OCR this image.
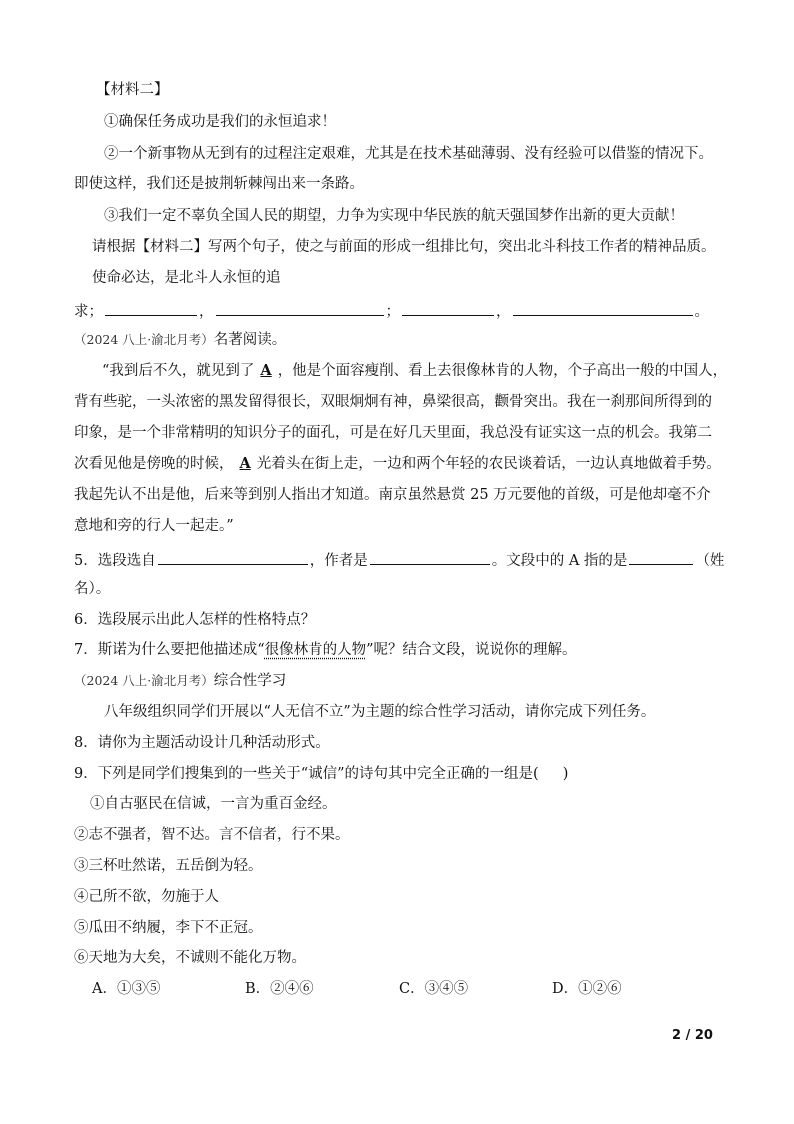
【材料二】
①确保任务成功是我们的永恒追求！
②一个新事物从无到有的过程注定艰难，尤其是在技术基础薄弱、没有经验可以借鉴的情况下。
即使这样，我们还是披荆斩棘闯出来一条路。
③我们一定不辜负全国人民的期望，力争为实现中华民族的航天强国梦作出新的更大贡献！
请根据【材料二】写两个句子，使之与前面的形成一组排比句，突出北斗科技工作者的精神品质。
使命必达，是北斗人永恒的追
求；	，	；	，	。
（2024 八上·渝北月考）名著阅读。
“我到后不久，就见到了 A ，他是个面容瘦削、看上去很像林肯的人物，个子高出一般的中国人，
背有些驼，一头浓密的黑发留得很长，双眼炯炯有神，鼻梁很高，颧骨突出。我在一刹那间所得到的
印象，是一个非常精明的知识分子的面孔，可是在好几天里面，我总没有证实这一点的机会。我第二
次看见他是傍晚的时候， A 光着头在街上走，一边和两个年轻的农民谈着话，一边认真地做着手势。
我起先认不出是他，后来等到别人指出才知道。南京虽然悬赏 25 万元要他的首级，可是他却毫不介
意地和旁的行人一起走。”
5．选段选自	，作者是	。文段中的 A 指的是	（姓
名）。
6．选段展示出此人怎样的性格特点？
7．斯诺为什么要把他描述成“很像林肯的人物”呢？结合文段，说说你的理解。
（2024 八上·渝北月考）综合性学习
八年级组织同学们开展以“人无信不立”为主题的综合性学习活动，请你完成下列任务。
8．请你为主题活动设计几种活动形式。
9．下列是同学们搜集到的一些关于“诚信”的诗句其中完全正确的一组是( )
①自古驱民在信诚，一言为重百金经。
②志不强者，智不达。言不信者，行不果。
③三杯吐然诺，五岳倒为轻。
④己所不欲，勿施于人
⑤瓜田不纳履，李下不正冠。
⑥天地为大矣，不诚则不能化万物。
A．①③⑤	B．②④⑥	C．③④⑤	D．①②⑥
2 / 20
